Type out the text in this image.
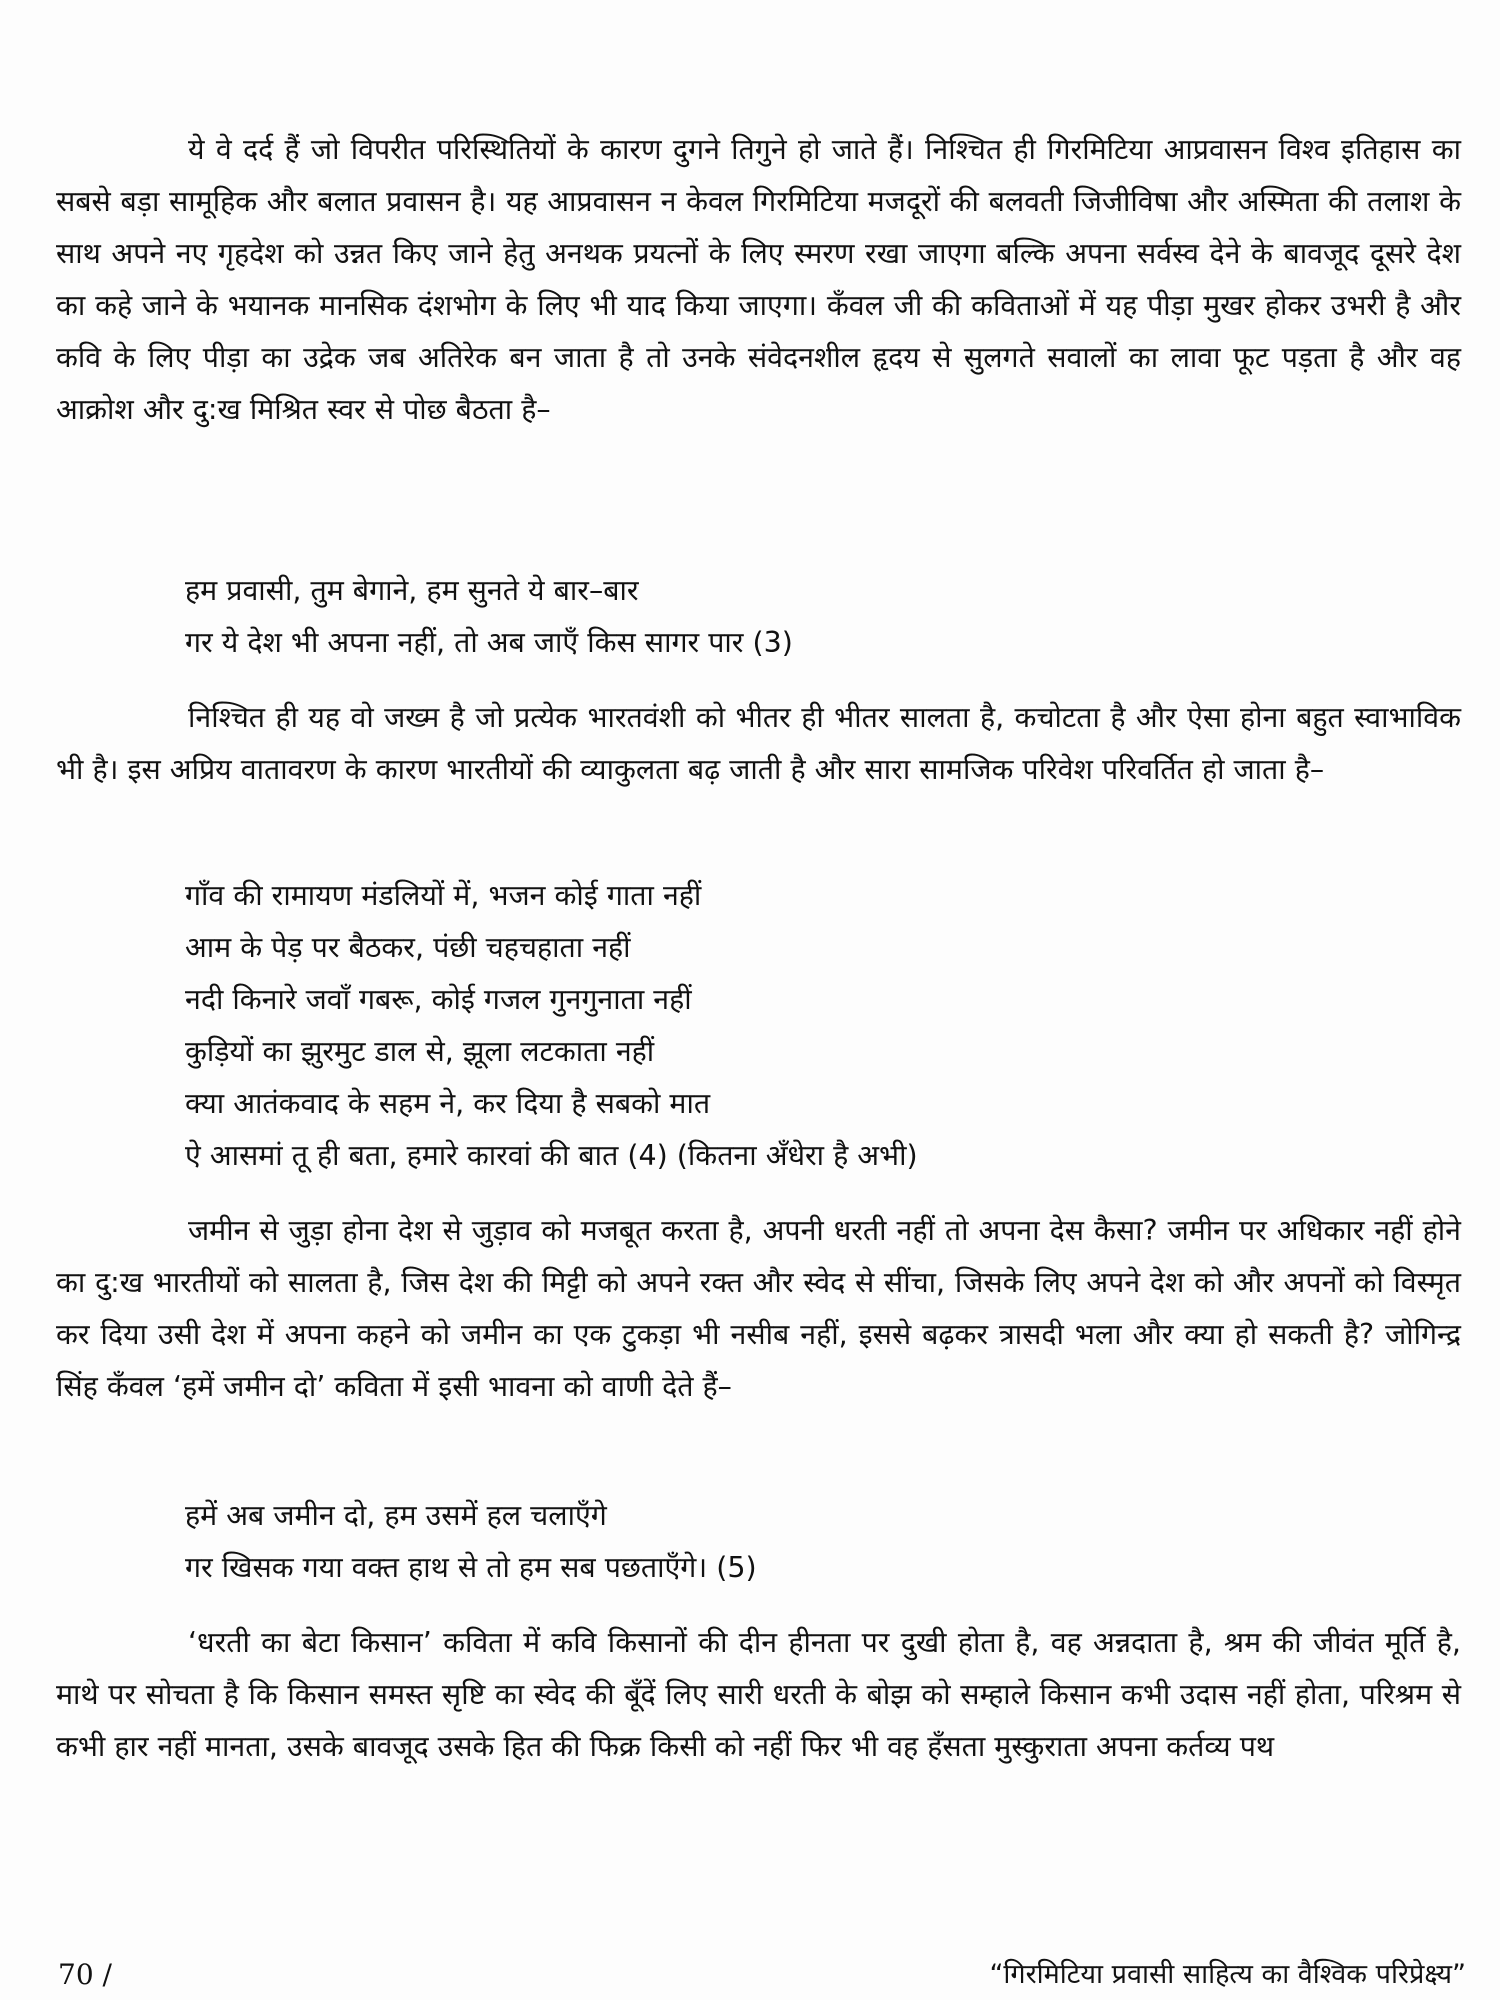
ये वे दर्द हैं जो विपरीत परिस्थितियों के कारण दुगने तिगुने हो जाते हैं। निश्चित ही गिरमिटिया आप्रवासन विश्व इतिहास का सबसे बड़ा सामूहिक और बलात प्रवासन है। यह आप्रवासन न केवल गिरमिटिया मजदूरों की बलवती जिजीविषा और अस्मिता की तलाश के साथ अपने नए गृहदेश को उन्नत किए जाने हेतु अनथक प्रयत्नों के लिए स्मरण रखा जाएगा बल्कि अपना सर्वस्व देने के बावजूद दूसरे देश का कहे जाने के भयानक मानसिक दंशभोग के लिए भी याद किया जाएगा। कँवल जी की कविताओं में यह पीड़ा मुखर होकर उभरी है और कवि के लिए पीड़ा का उद्रेक जब अतिरेक बन जाता है तो उनके संवेदनशील हृदय से सुलगते सवालों का लावा फूट पड़ता है और वह आक्रोश और दु:ख मिश्रित स्वर से पोछ बैठता है–

हम प्रवासी, तुम बेगाने, हम सुनते ये बार–बार
गर ये देश भी अपना नहीं, तो अब जाएँ किस सागर पार (3)

निश्चित ही यह वो जख्म है जो प्रत्येक भारतवंशी को भीतर ही भीतर सालता है, कचोटता है और ऐसा होना बहुत स्वाभाविक भी है। इस अप्रिय वातावरण के कारण भारतीयों की व्याकुलता बढ़ जाती है और सारा सामजिक परिवेश परिवर्तित हो जाता है–

गाँव की रामायण मंडलियों में, भजन कोई गाता नहीं
आम के पेड़ पर बैठकर, पंछी चहचहाता नहीं
नदी किनारे जवाँ गबरू, कोई गजल गुनगुनाता नहीं
कुड़ियों का झुरमुट डाल से, झूला लटकाता नहीं
क्या आतंकवाद के सहम ने, कर दिया है सबको मात
ऐ आसमां तू ही बता, हमारे कारवां की बात (4) (कितना अँधेरा है अभी)

जमीन से जुड़ा होना देश से जुड़ाव को मजबूत करता है, अपनी धरती नहीं तो अपना देस कैसा? जमीन पर अधिकार नहीं होने का दु:ख भारतीयों को सालता है, जिस देश की मिट्टी को अपने रक्त और स्वेद से सींचा, जिसके लिए अपने देश को और अपनों को विस्मृत कर दिया उसी देश में अपना कहने को जमीन का एक टुकड़ा भी नसीब नहीं, इससे बढ़कर त्रासदी भला और क्या हो सकती है? जोगिन्द्र सिंह कँवल ‘हमें जमीन दो’ कविता में इसी भावना को वाणी देते हैं–

हमें अब जमीन दो, हम उसमें हल चलाएँगे
गर खिसक गया वक्त हाथ से तो हम सब पछताएँगे। (5)

‘धरती का बेटा किसान’ कविता में कवि किसानों की दीन हीनता पर दुखी होता है, वह अन्नदाता है, श्रम की जीवंत मूर्ति है, माथे पर सोचता है कि किसान समस्त सृष्टि का स्वेद की बूँदें लिए सारी धरती के बोझ को सम्हाले किसान कभी उदास नहीं होता, परिश्रम से कभी हार नहीं मानता, उसके बावजूद उसके हित की फिक्र किसी को नहीं फिर भी वह हँसता मुस्कुराता अपना कर्तव्य पथ

70 /	“गिरमिटिया प्रवासी साहित्य का वैश्विक परिप्रेक्ष्य”
